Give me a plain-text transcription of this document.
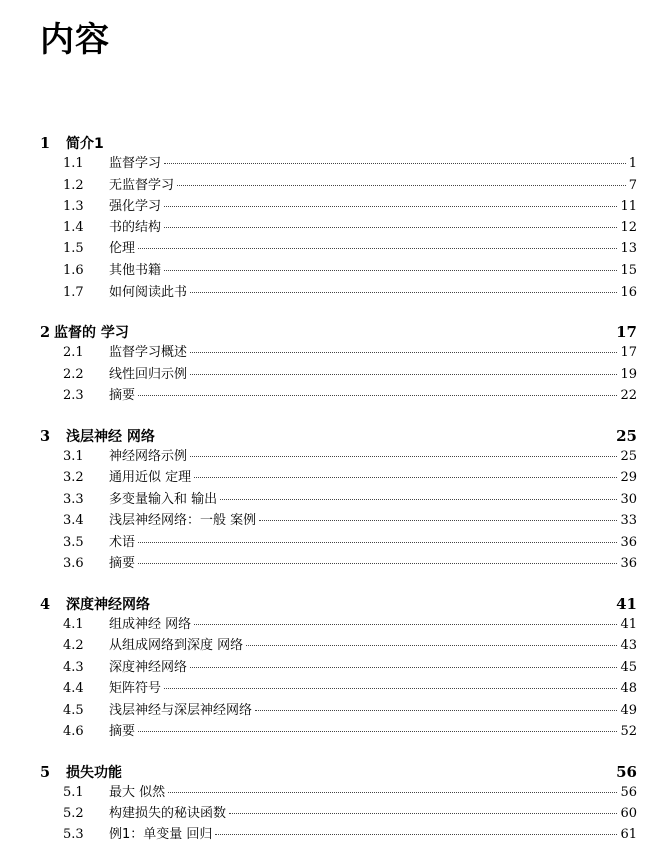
内容
1	简介1
1.1	监督学习	1
1.2	无监督学习	7
1.3	强化学习	11
1.4	书的结构	12
1.5	伦理	13
1.6	其他书籍	15
1.7	如何阅读此书	16
2 监督的 学习	17
2.1	监督学习概述	17
2.2	线性回归示例	19
2.3	摘要	22
3	浅层神经 网络	25
3.1	神经网络示例	25
3.2	通用近似 定理	29
3.3	多变量输入和 输出	30
3.4	浅层神经网络：一般 案例	33
3.5	术语	36
3.6	摘要	36
4	深度神经网络	41
4.1	组成神经 网络	41
4.2	从组成网络到深度 网络	43
4.3	深度神经网络	45
4.4	矩阵符号	48
4.5	浅层神经与深层神经网络	49
4.6	摘要	52
5	损失功能	56
5.1	最大 似然	56
5.2	构建损失的秘诀函数	60
5.3	例1：单变量 回归	61
